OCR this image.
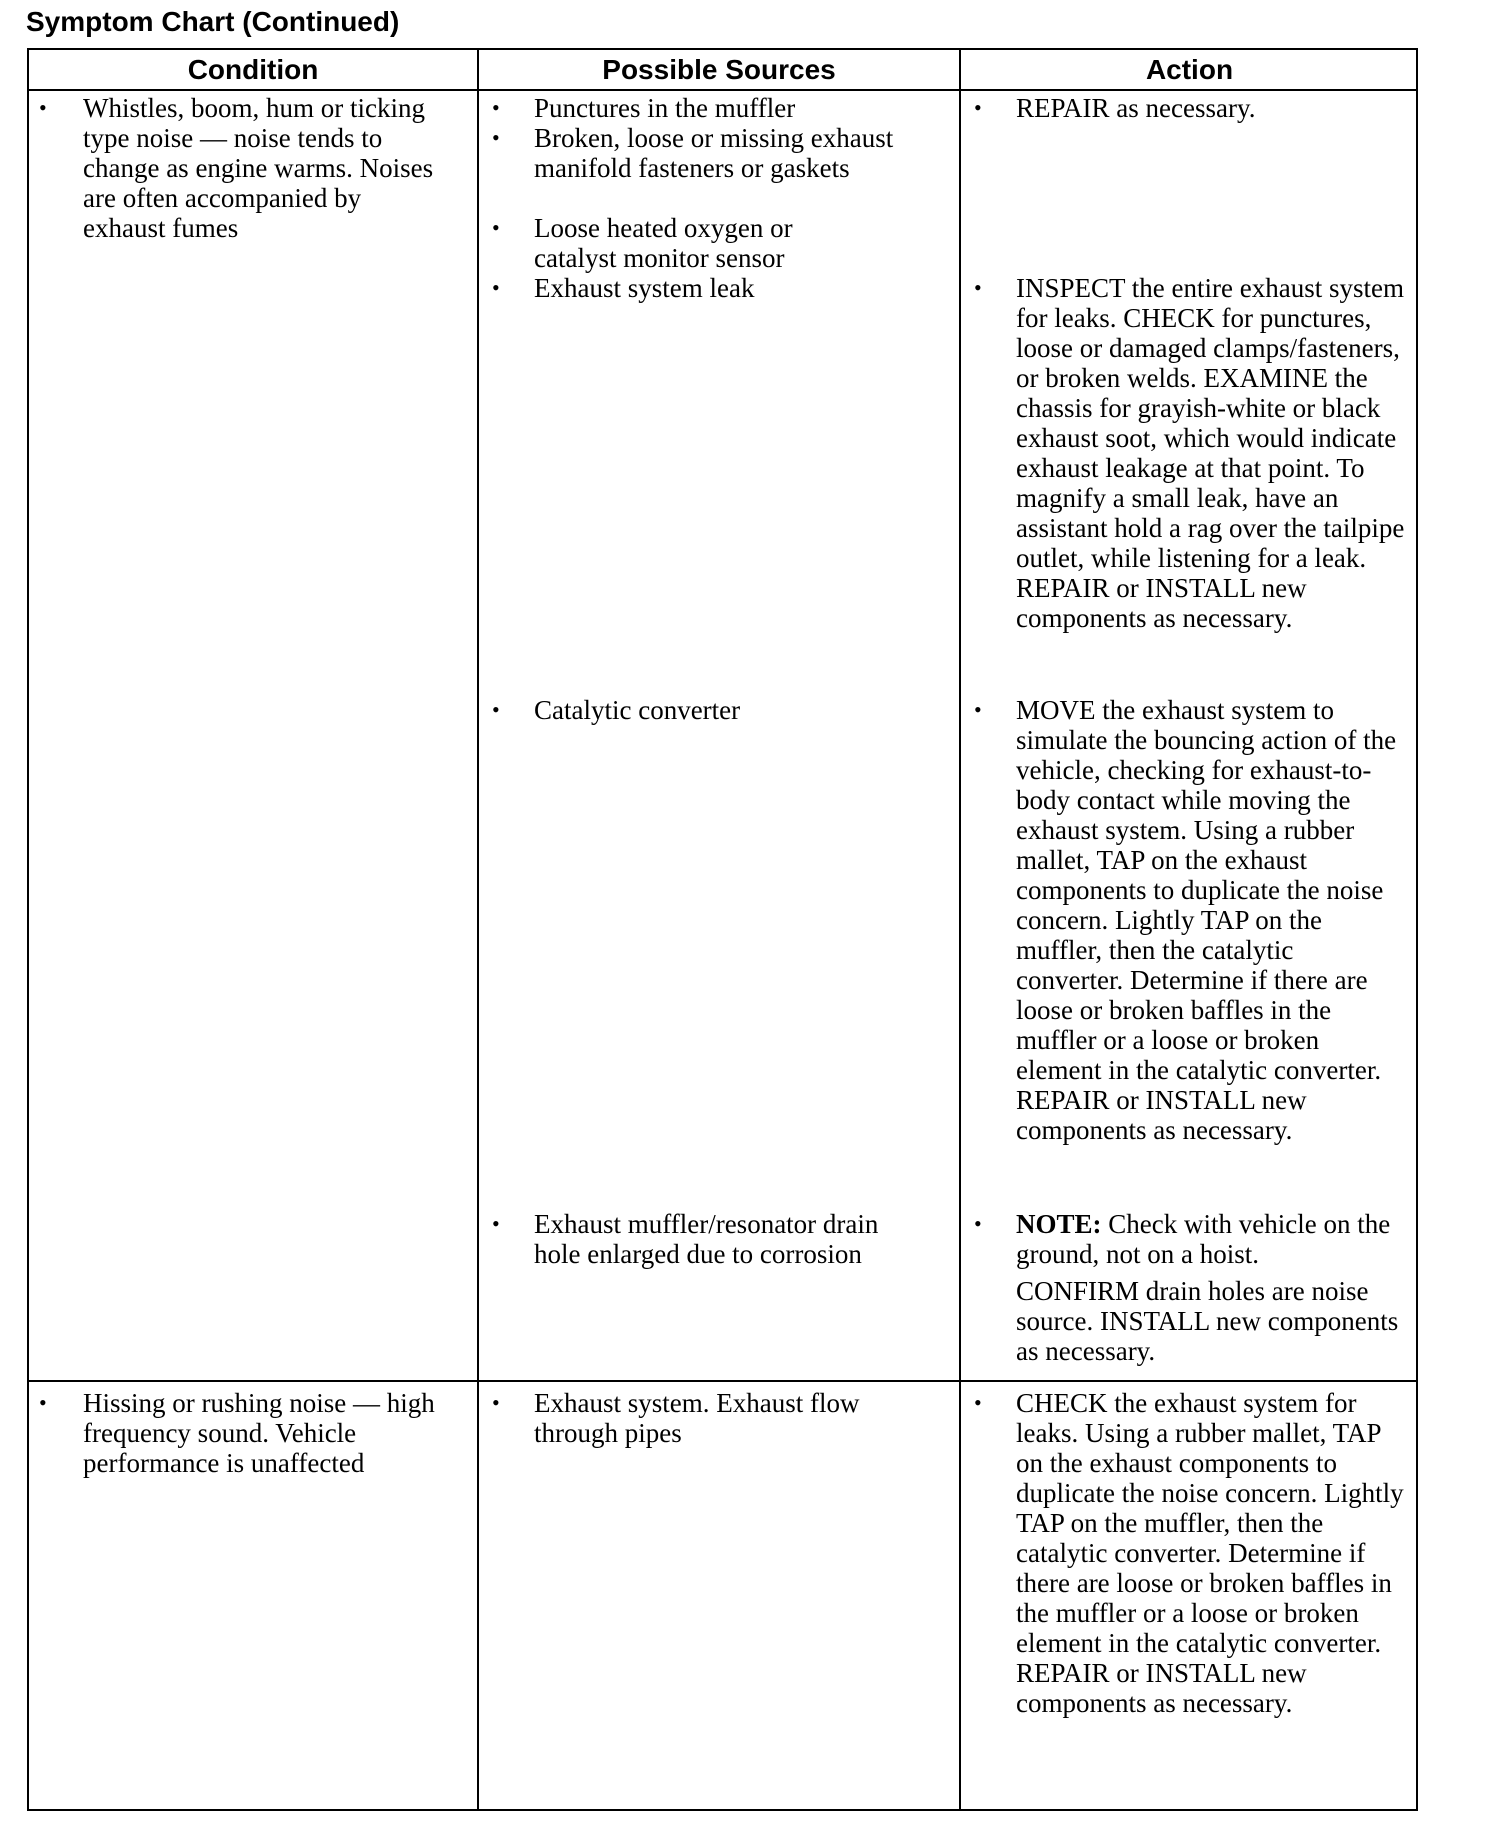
Symptom Chart (Continued)
Condition	Possible Sources	Action
• Whistles, boom, hum or ticking type noise — noise tends to change as engine warms. Noises are often accompanied by exhaust fumes
• Punctures in the muffler
• Broken, loose or missing exhaust manifold fasteners or gaskets
• Loose heated oxygen or catalyst monitor sensor
• Exhaust system leak
• Catalytic converter
• Exhaust muffler/resonator drain hole enlarged due to corrosion
• REPAIR as necessary.
• INSPECT the entire exhaust system for leaks. CHECK for punctures, loose or damaged clamps/fasteners, or broken welds. EXAMINE the chassis for grayish-white or black exhaust soot, which would indicate exhaust leakage at that point. To magnify a small leak, have an assistant hold a rag over the tailpipe outlet, while listening for a leak. REPAIR or INSTALL new components as necessary.
• MOVE the exhaust system to simulate the bouncing action of the vehicle, checking for exhaust-to-body contact while moving the exhaust system. Using a rubber mallet, TAP on the exhaust components to duplicate the noise concern. Lightly TAP on the muffler, then the catalytic converter. Determine if there are loose or broken baffles in the muffler or a loose or broken element in the catalytic converter. REPAIR or INSTALL new components as necessary.
• NOTE: Check with vehicle on the ground, not on a hoist.
CONFIRM drain holes are noise source. INSTALL new components as necessary.
• Hissing or rushing noise — high frequency sound. Vehicle performance is unaffected
• Exhaust system. Exhaust flow through pipes
• CHECK the exhaust system for leaks. Using a rubber mallet, TAP on the exhaust components to duplicate the noise concern. Lightly TAP on the muffler, then the catalytic converter. Determine if there are loose or broken baffles in the muffler or a loose or broken element in the catalytic converter. REPAIR or INSTALL new components as necessary.
